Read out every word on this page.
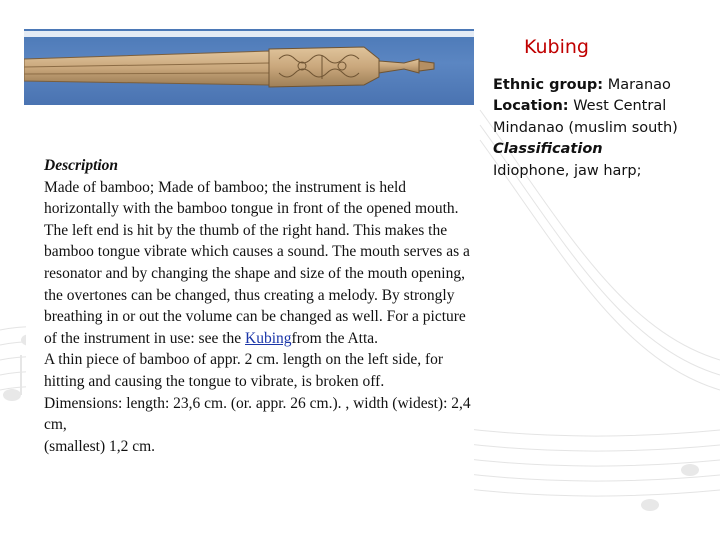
Kubing
Ethnic group: Maranao
Location: West Central
Mindanao (muslim south)
Classification
Idiophone, jaw harp;
Description
Made of bamboo; Made of bamboo; the instrument is held horizontally with the bamboo tongue in front of the opened mouth. The left end is hit by the thumb of the right hand. This makes the bamboo tongue vibrate which causes a sound. The mouth serves as a resonator and by changing the shape and size of the mouth opening, the overtones can be changed, thus creating a melody. By strongly breathing in or out the volume can be changed as well. For a picture of the instrument in use: see the Kubingfrom the Atta.
A thin piece of bamboo of appr. 2 cm. length on the left side, for hitting and causing the tongue to vibrate, is broken off.
Dimensions: length: 23,6 cm. (or. appr. 26 cm.). , width (widest): 2,4 cm,
(smallest) 1,2 cm.
